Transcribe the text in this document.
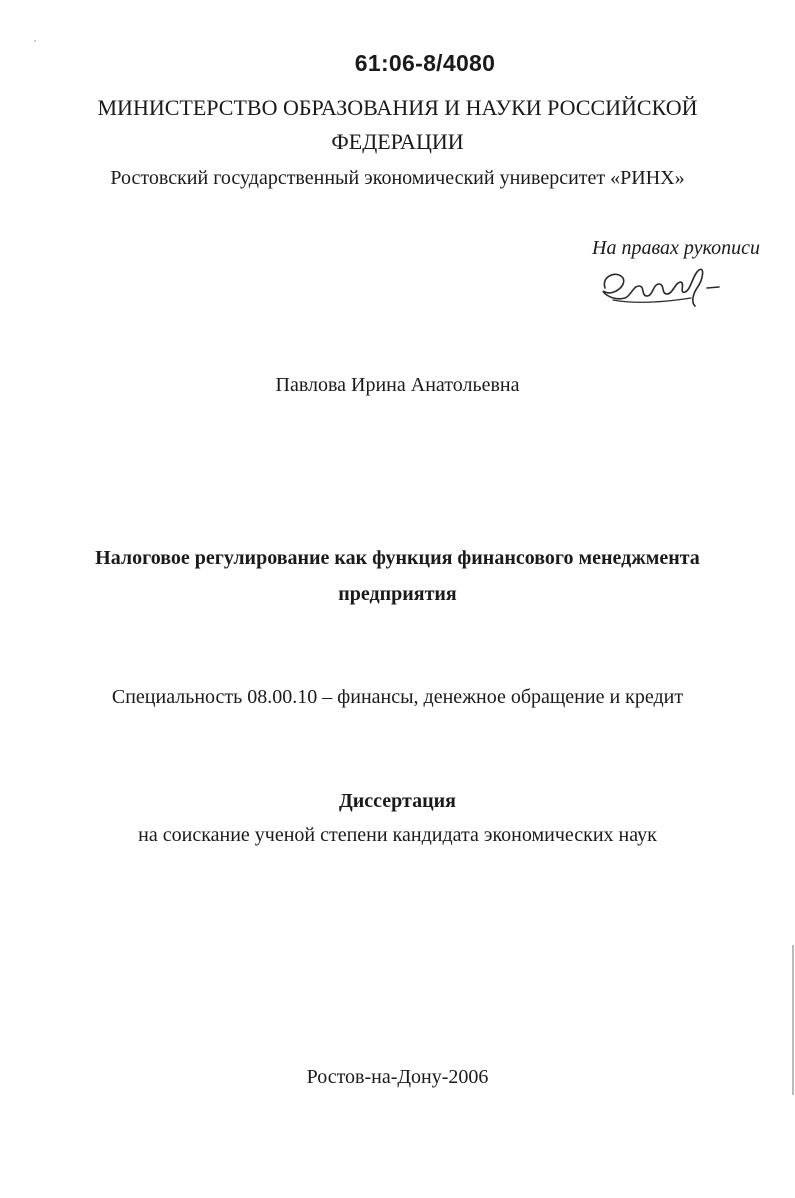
61:06-8/4080
МИНИСТЕРСТВО ОБРАЗОВАНИЯ И НАУКИ РОССИЙСКОЙ
ФЕДЕРАЦИИ
Ростовский государственный экономический университет «РИНХ»
На правах рукописи
Павлова Ирина Анатольевна
Налоговое регулирование как функция финансового менеджмента
предприятия
Специальность 08.00.10 – финансы, денежное обращение и кредит
Диссертация
на соискание ученой степени кандидата экономических наук
Ростов-на-Дону-2006
